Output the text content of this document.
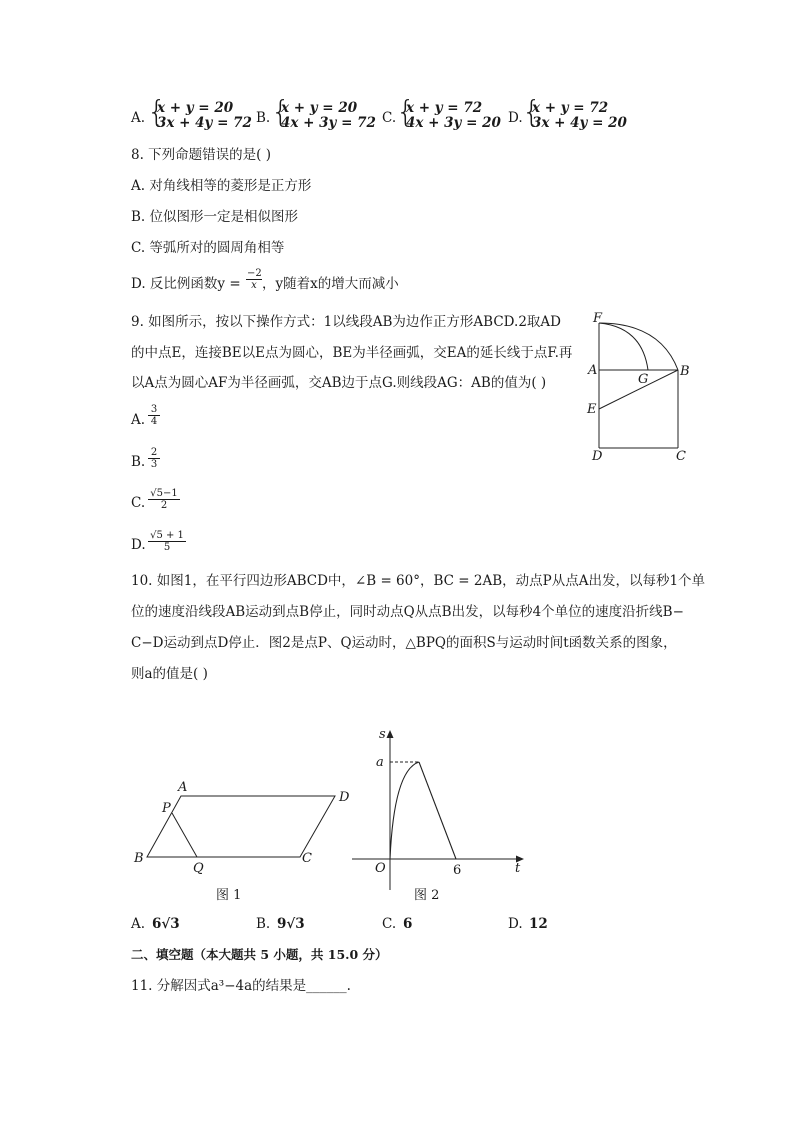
A. {
x + y = 20
3x + 4y = 72 B. {
x + y = 20
4x + 3y = 72 C. {
x + y = 72
4x + 3y = 20 D. {
x + y = 72
3x + 4y = 20
8. 下列命题错误的是( )
A. 对角线相等的菱形是正方形
B. 位似图形一定是相似图形
C. 等弧所对的圆周角相等
D. 反比例函数$y = \frac{-2}{x}$ ，y随着x的增大而减小
9. 如图所示，按以下操作方式：1以线段AB为边作正方形ABCD.2取AD
的中点E，连接BE以E点为圆心，BE为半径画弧，交EA的延长线于点F.再
以A点为圆心AF为半径画弧，交AB边于点G.则线段AG：AB的值为( )
A. $\frac{3}{4}$
B. $\frac{2}{3}$
C. $\frac{√5-1}{2}$
D. $\frac{√5 + 1}{5}$
F
A
G
B
E
D	C
10. 如图1，在平行四边形ABCD中，∠B = 60°，BC = 2AB，动点P从点A出发，以每秒1个单
位的速度沿线段AB运动到点B停止，同时动点Q从点B出发，以每秒4个单位的速度沿折线B−
C−D运动到点D停止．图2是点P、Q运动时，△BPQ的面积S与运动时间t函数关系的图象，
则a的值是( )
A
D
P
B
Q
C
图 1
s
a
O	6	t
图 2
A. 6√3	B. 9√3	C. 6	D. 12
二、填空题（本大题共 5 小题，共 15.0 分）
11. 分解因式a³−4a的结果是______.
